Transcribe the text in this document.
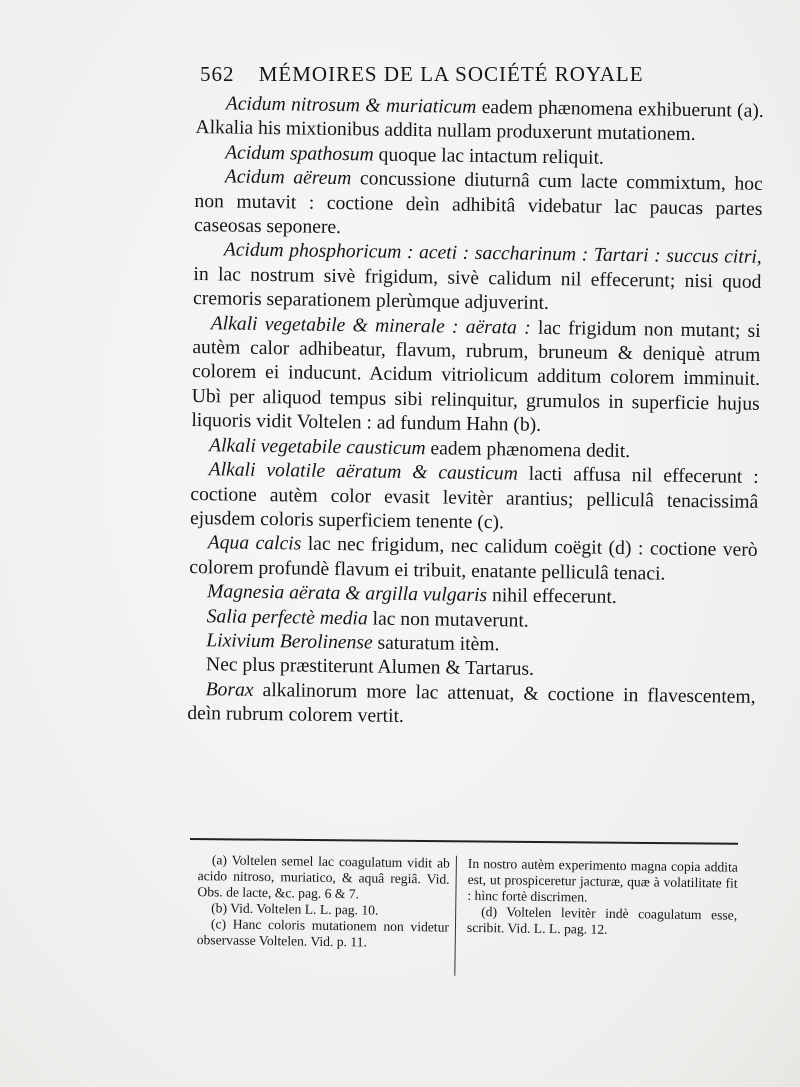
562 MÉMOIRES DE LA SOCIÉTÉ ROYALE

Acidum nitrosum & muriaticum eadem phænomena exhibuerunt (a). Alkalia his mixtionibus addita nullam produxerunt mutationem.

Acidum spathosum quoque lac intactum reliquit.

Acidum aëreum concussione diuturnâ cum lacte commixtum, hoc non mutavit : coctione deìn adhibitâ videbatur lac paucas partes caseosas seponere.

Acidum phosphoricum : aceti : saccharinum : Tartari : succus citri, in lac nostrum sivè frigidum, sivè calidum nil effecerunt; nisi quod cremoris separationem plerùmque adjuverint.

Alkali vegetabile & minerale : aërata : lac frigidum non mutant; si autèm calor adhibeatur, flavum, rubrum, bruneum & deniquè atrum colorem ei inducunt. Acidum vitriolicum additum colorem imminuit. Ubì per aliquod tempus sibi relinquitur, grumulos in superficie hujus liquoris vidit Voltelen : ad fundum Hahn (b).

Alkali vegetabile causticum eadem phænomena dedit.

Alkali volatile aëratum & causticum lacti affusa nil effecerunt : coctione autèm color evasit levitèr arantius; pelliculâ tenacissimâ ejusdem coloris superficiem tenente (c).

Aqua calcis lac nec frigidum, nec calidum coëgit (d) : coctione verò colorem profundè flavum ei tribuit, enatante pelliculâ tenaci.

Magnesia aërata & argilla vulgaris nihil effecerunt.

Salia perfectè media lac non mutaverunt.

Lixivium Berolinense saturatum itèm.

Nec plus præstiterunt Alumen & Tartarus.

Borax alkalinorum more lac attenuat, & coctione in flavescentem, deìn rubrum colorem vertit.

(a) Voltelen semel lac coagulatum vidit ab acido nitroso, muriatico, & aquâ regiâ. Vid. Obs. de lacte, &c. pag. 6 & 7.

(b) Vid. Voltelen L. L. pag. 10.

(c) Hanc coloris mutationem non videtur observasse Voltelen. Vid. p. 11.

In nostro autèm experimento magna copia addita est, ut prospiceretur jacturæ, quæ à volatilitate fit : hìnc fortè discrimen.

(d) Voltelen levitèr indè coagulatum esse, scribit. Vid. L. L. pag. 12.
